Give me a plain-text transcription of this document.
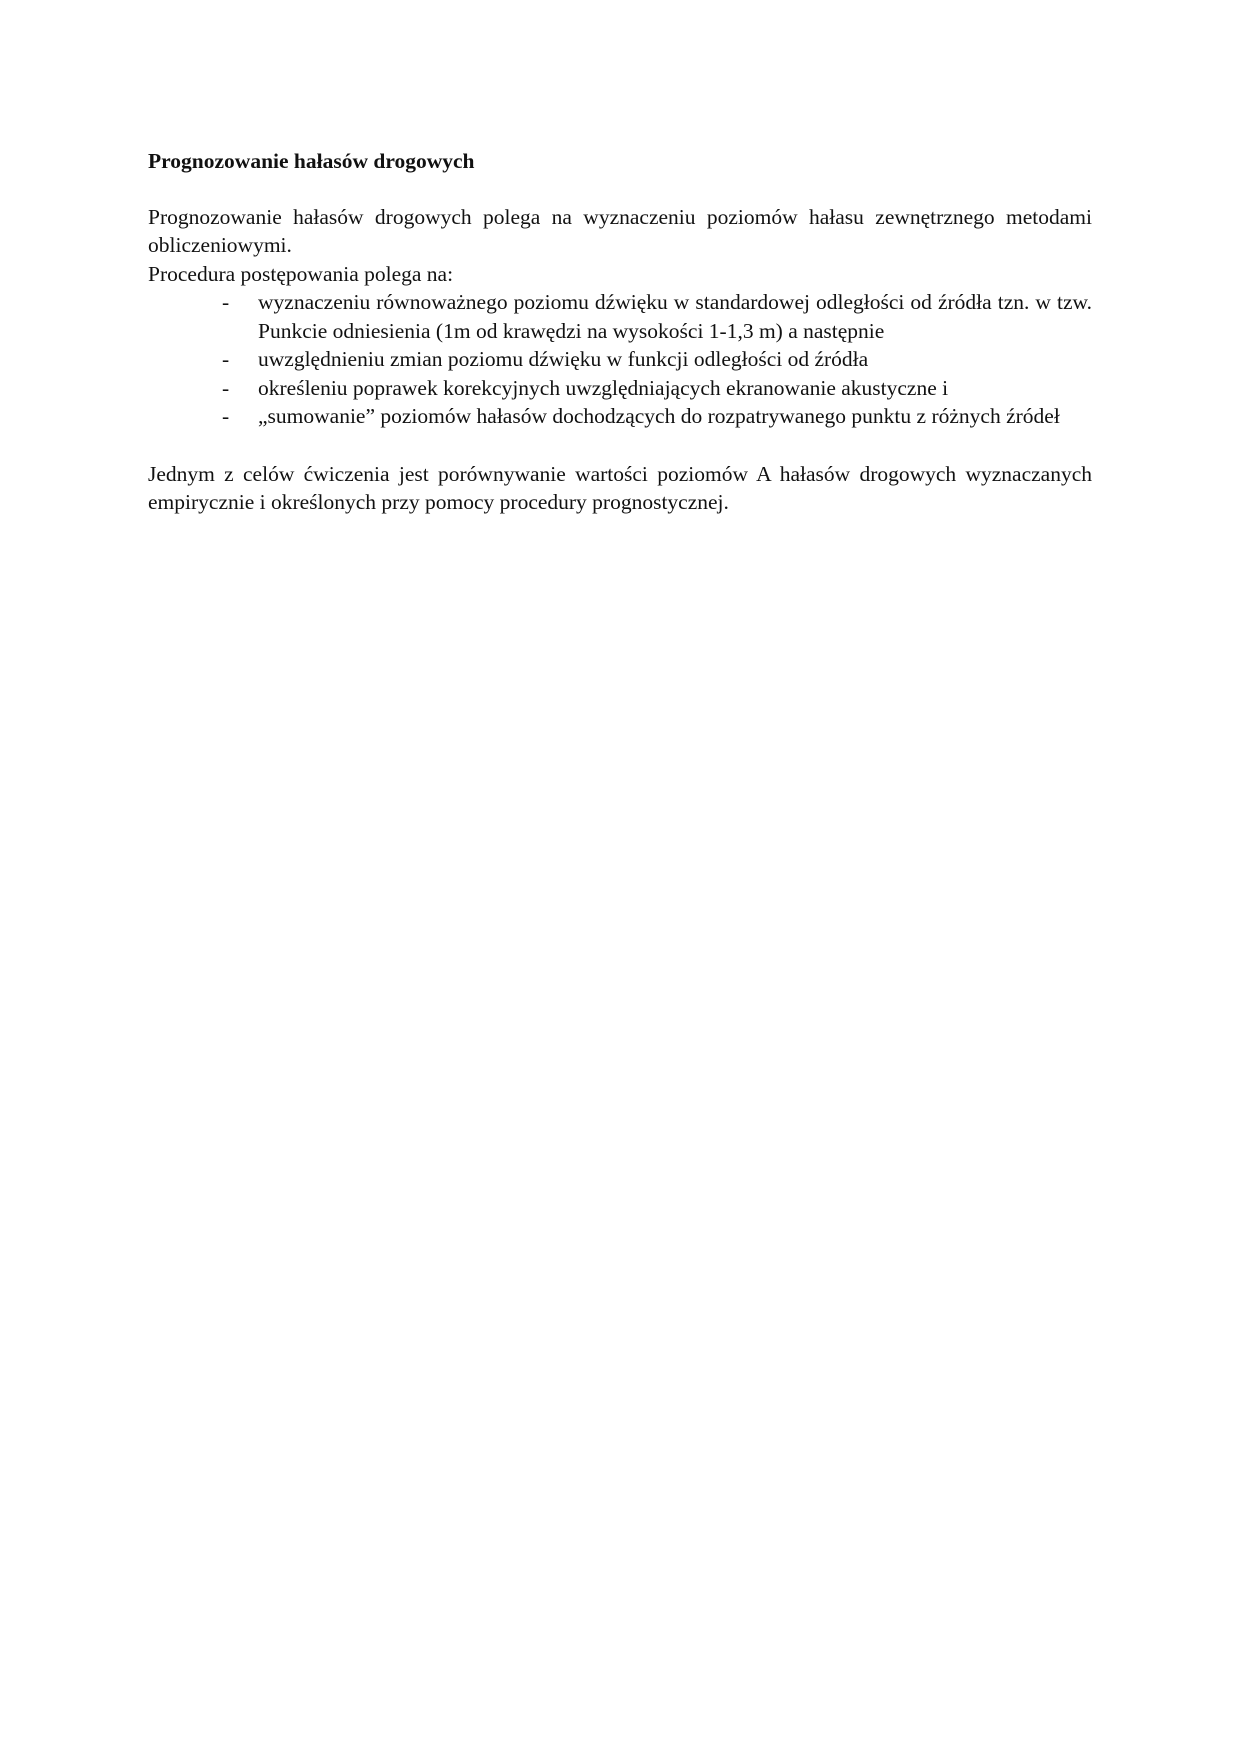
Prognozowanie hałasów drogowych

Prognozowanie hałasów drogowych polega na wyznaczeniu poziomów hałasu zewnętrznego metodami obliczeniowymi.

Procedura postępowania polega na:

- wyznaczeniu równoważnego poziomu dźwięku w standardowej odległości od źródła tzn. w tzw. Punkcie odniesienia (1m od krawędzi na wysokości 1-1,3 m) a następnie
- uwzględnieniu zmian poziomu dźwięku w funkcji odległości od źródła
- określeniu poprawek korekcyjnych uwzględniających ekranowanie akustyczne i
- „sumowanie” poziomów hałasów dochodzących do rozpatrywanego punktu z różnych źródeł

Jednym z celów ćwiczenia jest porównywanie wartości poziomów A hałasów drogowych wyznaczanych empirycznie i określonych przy pomocy procedury prognostycznej.
